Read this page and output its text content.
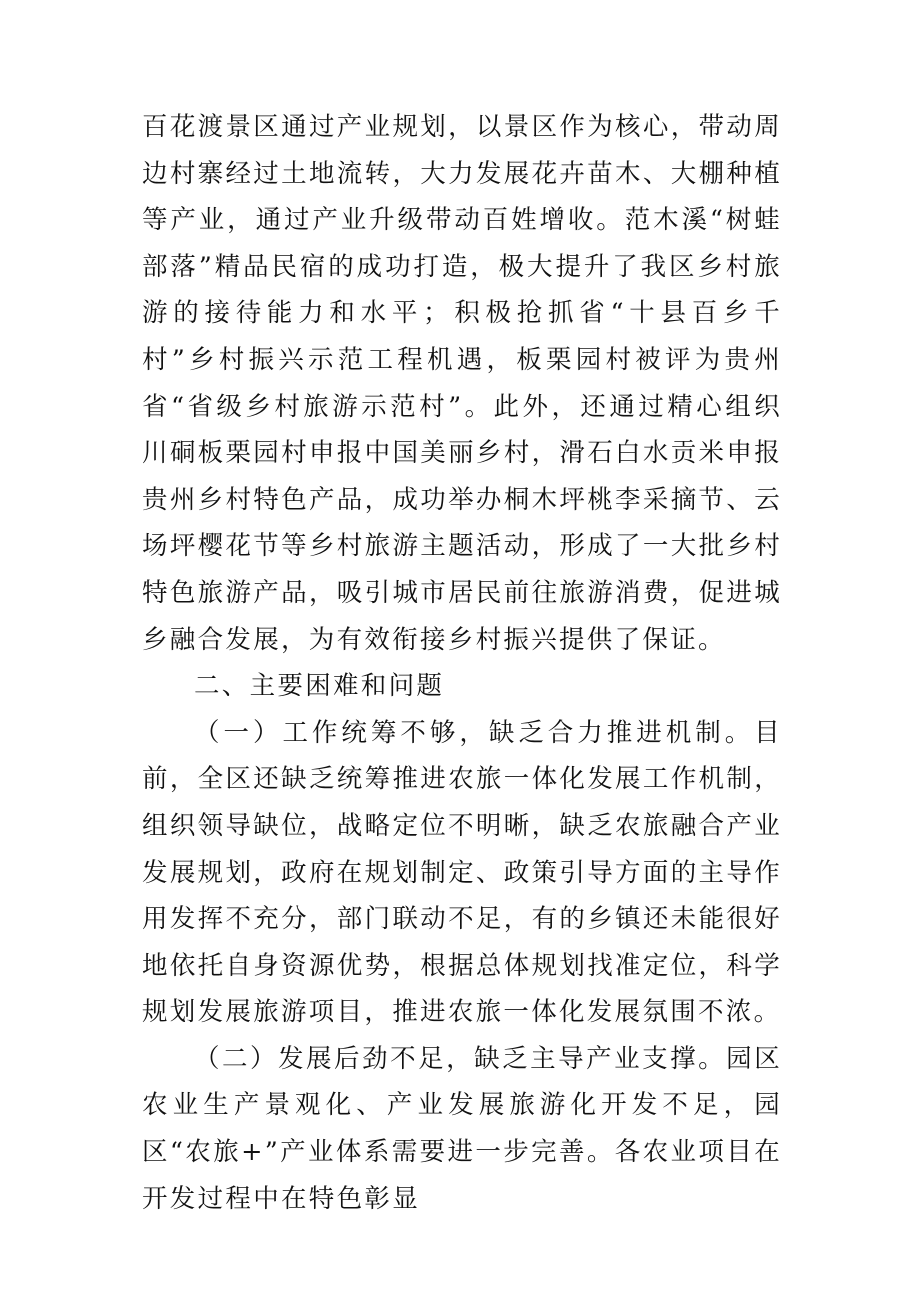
百花渡景区通过产业规划，以景区作为核心，带动周边村寨经过土地流转，大力发展花卉苗木、大棚种植等产业，通过产业升级带动百姓增收。范木溪“树蛙部落”精品民宿的成功打造，极大提升了我区乡村旅游的接待能力和水平；积极抢抓省“十县百乡千村”乡村振兴示范工程机遇，板栗园村被评为贵州省“省级乡村旅游示范村”。此外，还通过精心组织川硐板栗园村申报中国美丽乡村，滑石白水贡米申报贵州乡村特色产品，成功举办桐木坪桃李采摘节、云场坪樱花节等乡村旅游主题活动，形成了一大批乡村特色旅游产品，吸引城市居民前往旅游消费，促进城乡融合发展，为有效衔接乡村振兴提供了保证。

二、主要困难和问题

（一）工作统筹不够，缺乏合力推进机制。目前，全区还缺乏统筹推进农旅一体化发展工作机制，组织领导缺位，战略定位不明晰，缺乏农旅融合产业发展规划，政府在规划制定、政策引导方面的主导作用发挥不充分，部门联动不足，有的乡镇还未能很好地依托自身资源优势，根据总体规划找准定位，科学规划发展旅游项目，推进农旅一体化发展氛围不浓。

（二）发展后劲不足，缺乏主导产业支撑。园区农业生产景观化、产业发展旅游化开发不足，园区“农旅+”产业体系需要进一步完善。各农业项目在开发过程中在特色彰显
